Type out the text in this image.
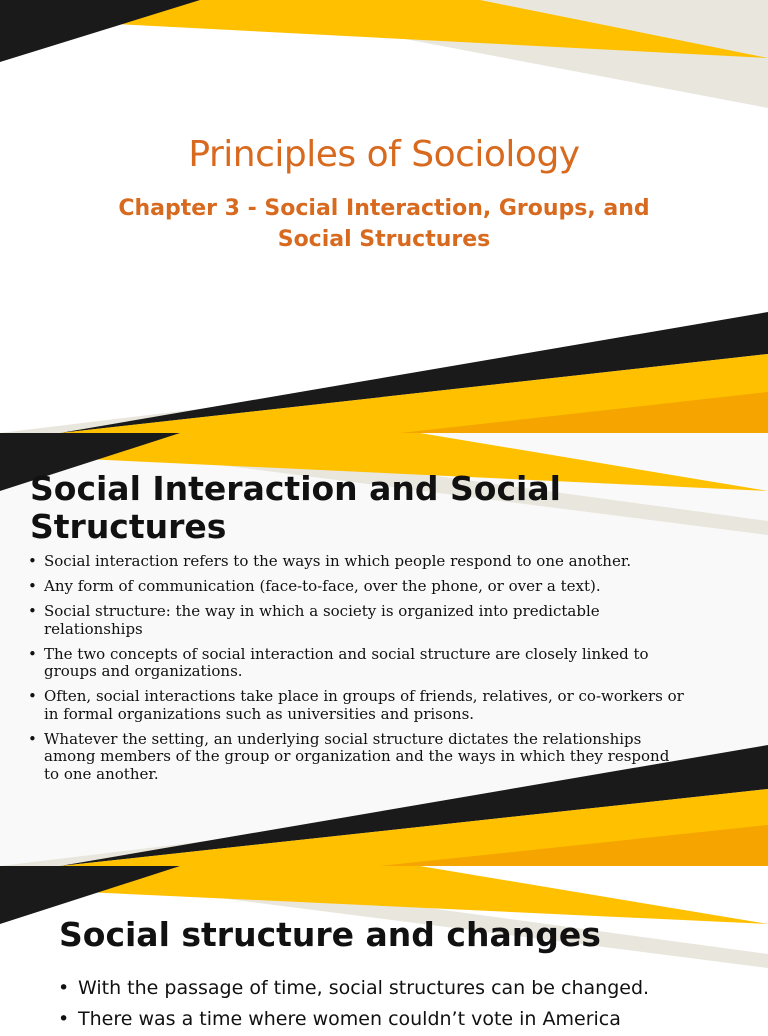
Principles of Sociology
Chapter 3 - Social Interaction, Groups, and Social Structures
Social Interaction and Social Structures
• Social interaction refers to the ways in which people respond to one another.
• Any form of communication (face-to-face, over the phone, or over a text).
• Social structure: the way in which a society is organized into predictable relationships
• The two concepts of social interaction and social structure are closely linked to groups and organizations.
• Often, social interactions take place in groups of friends, relatives, or co-workers or in formal organizations such as universities and prisons.
• Whatever the setting, an underlying social structure dictates the relationships among members of the group or organization and the ways in which they respond to one another.
Social structure and changes
• With the passage of time, social structures can be changed.
• There was a time where women couldn’t vote in America
